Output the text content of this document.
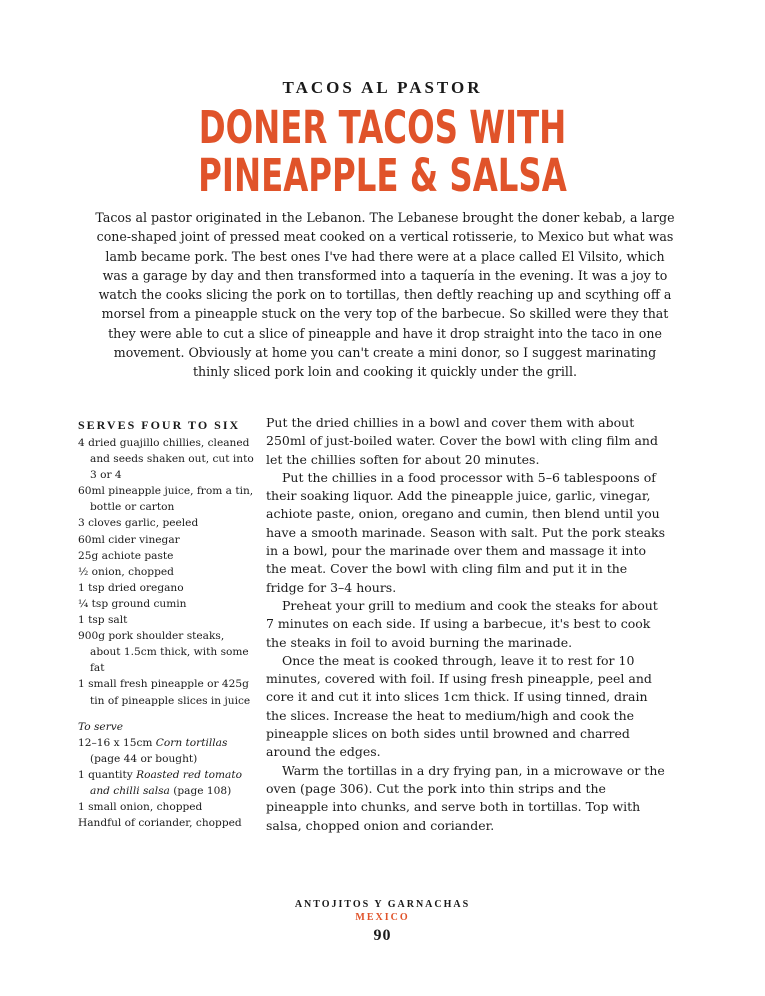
TACOS AL PASTOR
DONER TACOS WITH
PINEAPPLE & SALSA

Tacos al pastor originated in the Lebanon. The Lebanese brought the doner kebab, a large cone-shaped joint of pressed meat cooked on a vertical rotisserie, to Mexico but what was lamb became pork. The best ones I've had there were at a place called El Vilsito, which was a garage by day and then transformed into a taquería in the evening. It was a joy to watch the cooks slicing the pork on to tortillas, then deftly reaching up and scything off a morsel from a pineapple stuck on the very top of the barbecue. So skilled were they that they were able to cut a slice of pineapple and have it drop straight into the taco in one movement. Obviously at home you can't create a mini donor, so I suggest marinating thinly sliced pork loin and cooking it quickly under the grill.

SERVES FOUR TO SIX

4 dried guajillo chillies, cleaned and seeds shaken out, cut into 3 or 4

60ml pineapple juice, from a tin, bottle or carton

3 cloves garlic, peeled

60ml cider vinegar

25g achiote paste

½ onion, chopped

1 tsp dried oregano

¼ tsp ground cumin

1 tsp salt

900g pork shoulder steaks, about 1.5cm thick, with some fat

1 small fresh pineapple or 425g tin of pineapple slices in juice

To serve

12–16 x 15cm Corn tortillas (page 44 or bought)

1 quantity Roasted red tomato and chilli salsa (page 108)

1 small onion, chopped

Handful of coriander, chopped

Put the dried chillies in a bowl and cover them with about 250ml of just-boiled water. Cover the bowl with cling film and let the chillies soften for about 20 minutes.

Put the chillies in a food processor with 5–6 tablespoons of their soaking liquor. Add the pineapple juice, garlic, vinegar, achiote paste, onion, oregano and cumin, then blend until you have a smooth marinade. Season with salt. Put the pork steaks in a bowl, pour the marinade over them and massage it into the meat. Cover the bowl with cling film and put it in the fridge for 3–4 hours.

Preheat your grill to medium and cook the steaks for about 7 minutes on each side. If using a barbecue, it's best to cook the steaks in foil to avoid burning the marinade.

Once the meat is cooked through, leave it to rest for 10 minutes, covered with foil. If using fresh pineapple, peel and core it and cut it into slices 1cm thick. If using tinned, drain the slices. Increase the heat to medium/high and cook the pineapple slices on both sides until browned and charred around the edges.

Warm the tortillas in a dry frying pan, in a microwave or the oven (page 306). Cut the pork into thin strips and the pineapple into chunks, and serve both in tortillas. Top with salsa, chopped onion and coriander.

ANTOJITOS Y GARNACHAS
MEXICO
90
